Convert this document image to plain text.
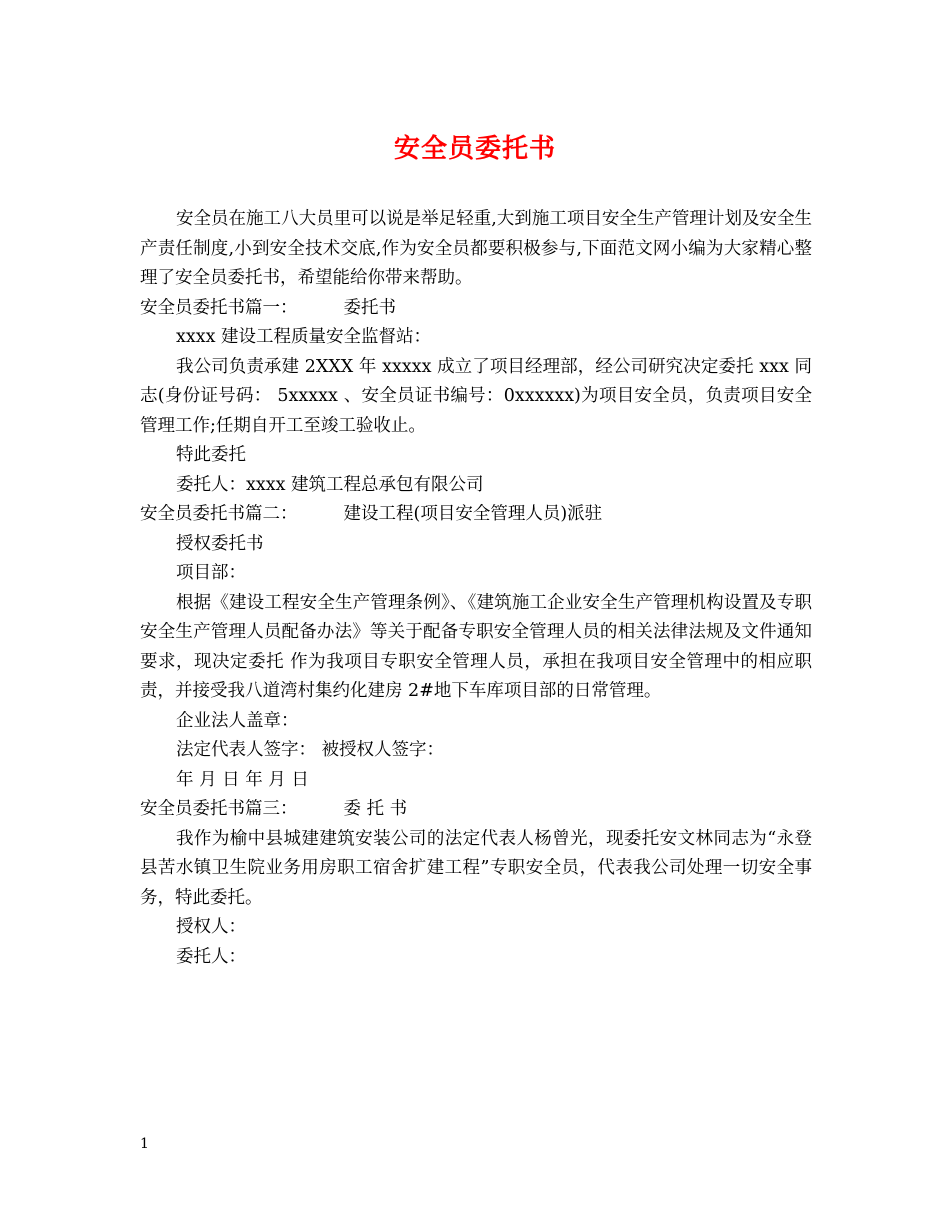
安全员委托书

安全员在施工八大员里可以说是举足轻重,大到施工项目安全生产管理计划及安全生产责任制度,小到安全技术交底,作为安全员都要积极参与,下面范文网小编为大家精心整理了安全员委托书，希望能给你带来帮助。

安全员委托书篇一：	委托书

xxxx 建设工程质量安全监督站：

我公司负责承建 2XXX 年 xxxxx 成立了项目经理部，经公司研究决定委托 xxx 同志(身份证号码： 5xxxxx 、安全员证书编号：0xxxxxx)为项目安全员，负责项目安全管理工作;任期自开工至竣工验收止。

特此委托

委托人：xxxx 建筑工程总承包有限公司

安全员委托书篇二：	建设工程(项目安全管理人员)派驻

授权委托书

项目部：

根据《建设工程安全生产管理条例》、《建筑施工企业安全生产管理机构设置及专职安全生产管理人员配备办法》等关于配备专职安全管理人员的相关法律法规及文件通知要求，现决定委托 作为我项目专职安全管理人员，承担在我项目安全管理中的相应职责，并接受我八道湾村集约化建房 2#地下车库项目部的日常管理。

企业法人盖章：

法定代表人签字： 被授权人签字：

年 月 日 年 月 日

安全员委托书篇三：	委 托 书

我作为榆中县城建建筑安装公司的法定代表人杨曾光，现委托安文林同志为“永登县苦水镇卫生院业务用房职工宿舍扩建工程”专职安全员，代表我公司处理一切安全事务，特此委托。

授权人：

委托人：

1
